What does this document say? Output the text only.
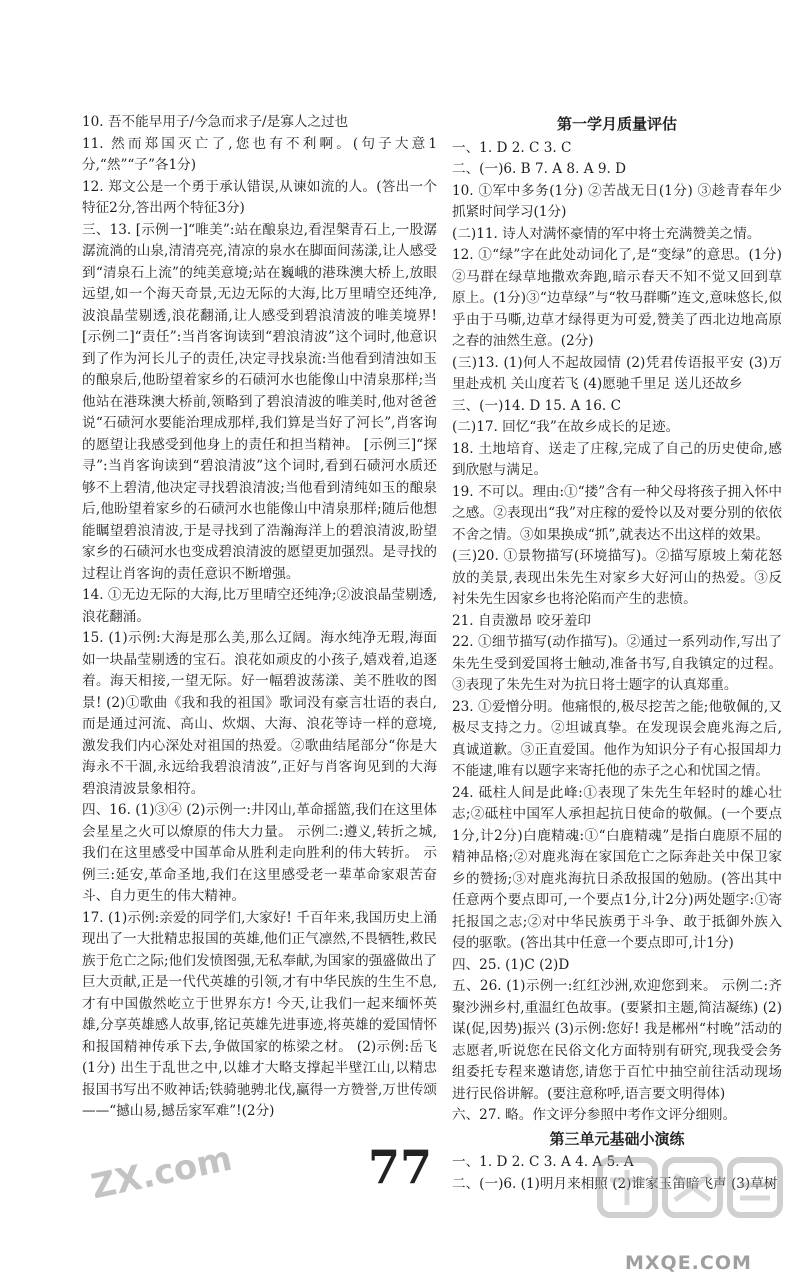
10. 吾不能早用子/今急而求子/是寡人之过也

11. 然而郑国灭亡了,您也有不利啊。(句子大意1分,“然”“子”各1分)

12. 郑文公是一个勇于承认错误,从谏如流的人。(答出一个特征2分,答出两个特征3分)

三、13. [示例一]“唯美”:站在酿泉边,看涅槃青石上,一股潺潺流淌的山泉,清清亮亮,清凉的泉水在脚面间荡漾,让人感受到“清泉石上流”的纯美意境;站在巍峨的港珠澳大桥上,放眼远望,如一个海天奇景,无边无际的大海,比万里晴空还纯净,波浪晶莹剔透,浪花翻涌,让人感受到碧浪清波的唯美境界! [示例二]“责任”:当肖客询读到“碧浪清波”这个词时,他意识到了作为河长儿子的责任,决定寻找泉流:当他看到清浊如玉的酿泉后,他盼望着家乡的石碛河水也能像山中清泉那样;当他站在港珠澳大桥前,领略到了碧浪清波的唯美时,他对爸爸说“石碛河水要能治理成那样,我们算是当好了河长”,肖客询的愿望让我感受到他身上的责任和担当精神。 [示例三]“探寻”:当肖客询读到“碧浪清波”这个词时,看到石碛河水质还够不上碧清,他决定寻找碧浪清波;当他看到清纯如玉的酿泉后,他盼望着家乡的石碛河水也能像山中清泉那样;随后他想能瞩望碧浪清波,于是寻找到了浩瀚海洋上的碧浪清波,盼望家乡的石碛河水也变成碧浪清波的愿望更加强烈。是寻找的过程让肖客询的责任意识不断增强。

14. ①无边无际的大海,比万里晴空还纯净;②波浪晶莹剔透,浪花翻涌。

15. (1)示例:大海是那么美,那么辽阔。海水纯净无瑕,海面如一块晶莹剔透的宝石。浪花如顽皮的小孩子,嬉戏着,追逐着。海天相接,一望无际。好一幅碧波荡漾、美不胜收的图景! (2)①歌曲《我和我的祖国》歌词没有豪言壮语的表白,而是通过河流、高山、炊烟、大海、浪花等诗一样的意境,激发我们内心深处对祖国的热爱。②歌曲结尾部分“你是大海永不干涸,永远给我碧浪清波”,正好与肖客询见到的大海碧浪清波景象相符。

四、16. (1)③④ (2)示例一:井冈山,革命摇篮,我们在这里体会星星之火可以燎原的伟大力量。 示例二:遵义,转折之城,我们在这里感受中国革命从胜利走向胜利的伟大转折。 示例三:延安,革命圣地,我们在这里感受老一辈革命家艰苦奋斗、自力更生的伟大精神。

17. (1)示例:亲爱的同学们,大家好! 千百年来,我国历史上涌现出了一大批精忠报国的英雄,他们正气凛然,不畏牺牲,救民族于危亡之际;他们发愤图强,无私奉献,为国家的强盛做出了巨大贡献,正是一代代英雄的引领,才有中华民族的生生不息,才有中国傲然屹立于世界东方! 今天,让我们一起来缅怀英雄,分享英雄感人故事,铭记英雄先进事迹,将英雄的爱国情怀和报国精神传承下去,争做国家的栋梁之材。 (2)示例:岳飞(1分) 出生于乱世之中,以雄才大略支撑起半壁江山,以精忠报国书写出不败神话;铁骑驰骋北伐,赢得一方赞誉,万世传颂——“撼山易,撼岳家军难”!(2分)

第一学月质量评估

一、1. D 2. C 3. C

二、(一)6. B 7. A 8. A 9. D

10. ①军中多务(1分) ②苦战无日(1分) ③趁青春年少抓紧时间学习(1分)

(二)11. 诗人对满怀豪情的军中将士充满赞美之情。

12. ①“绿”字在此处动词化了,是“变绿”的意思。(1分) ②马群在绿草地撒欢奔跑,暗示春天不知不觉又回到草原上。(1分)③“边草绿”与“牧马群嘶”连文,意味悠长,似乎由于马嘶,边草才绿得更为可爱,赞美了西北边地高原之春的油然生意。(2分)

(三)13. (1)何人不起故园情 (2)凭君传语报平安 (3)万里赴戎机 关山度若飞 (4)愿驰千里足 送儿还故乡

三、(一)14. D 15. A 16. C

(二)17. 回忆“我”在故乡成长的足迹。

18. 土地培育、送走了庄稼,完成了自己的历史使命,感到欣慰与满足。

19. 不可以。理由:①“搂”含有一种父母将孩子拥入怀中之感。②表现出“我”对庄稼的爱怜以及对要分别的依依不舍之情。③如果换成“抓”,就表达不出这样的效果。

(三)20. ①景物描写(环境描写)。②描写原坡上菊花怒放的美景,表现出朱先生对家乡大好河山的热爱。③反衬朱先生因家乡也将沦陷而产生的悲愤。

21. 自责激昂 咬牙羞印

22. ①细节描写(动作描写)。②通过一系列动作,写出了朱先生受到爱国将士触动,准备书写,自我镇定的过程。③表现了朱先生对为抗日将士题字的认真郑重。

23. ①爱憎分明。他痛恨的,极尽挖苦之能;他敬佩的,又极尽支持之力。②坦诚真挚。在发现误会鹿兆海之后,真诚道歉。③正直爱国。他作为知识分子有心报国却力不能逮,唯有以题字来寄托他的赤子之心和忧国之情。

24. 砥柱人间是此峰:①表现了朱先生年轻时的雄心壮志;②砥柱中国军人承担起抗日使命的敬佩。(一个要点1分,计2分)白鹿精魂:①“白鹿精魂”是指白鹿原不屈的精神品格;②对鹿兆海在家国危亡之际奔赴关中保卫家乡的赞扬;③对鹿兆海抗日杀敌报国的勉励。(答出其中任意两个要点即可,一个要点1分,计2分)两处题字:①寄托报国之志;②对中华民族勇于斗争、敢于抵御外族入侵的驱歌。(答出其中任意一个要点即可,计1分)

四、25. (1)C (2)D

五、26. (1)示例一:红红沙洲,欢迎您到来。 示例二:齐聚沙洲乡村,重温红色故事。(要紧扣主题,简洁凝练) (2)谋(促,因势)振兴 (3)示例:您好! 我是郴州“村晚”活动的志愿者,听说您在民俗文化方面特别有研究,现我受会务组委托专程来邀请您,请您于百忙中抽空前往活动现场进行民俗讲解。(要注意称呼,语言要文明得体)

六、27. 略。作文评分参照中考作文评分细则。

第三单元基础小演练

一、1. D 2. C 3. A 4. A 5. A

二、(一)6. (1)明月来相照 (2)谁家玉笛暗飞声 (3)草树

77
ZX.com
MXQE.COM
